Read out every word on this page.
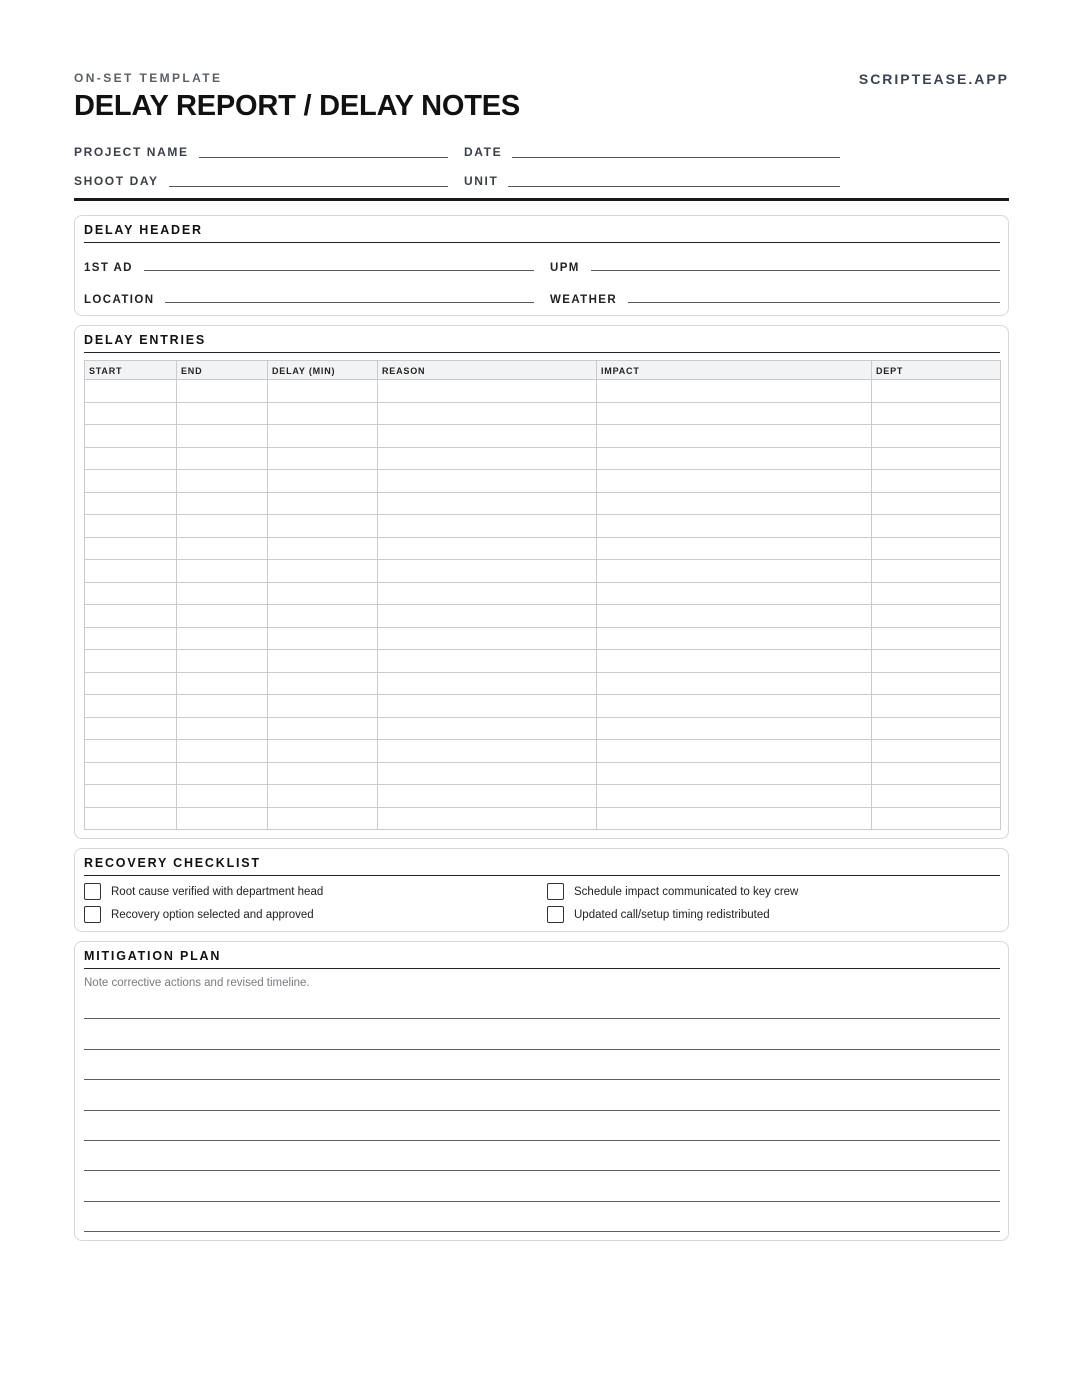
ON-SET TEMPLATE
DELAY REPORT / DELAY NOTES
SCRIPTEASE.APP
PROJECT NAME	DATE
SHOOT DAY	UNIT
DELAY HEADER
1ST AD	UPM
LOCATION	WEATHER
DELAY ENTRIES
START	END	DELAY (MIN)	REASON	IMPACT	DEPT

RECOVERY CHECKLIST
Root cause verified with department head	Schedule impact communicated to key crew
Recovery option selected and approved	Updated call/setup timing redistributed
MITIGATION PLAN
Note corrective actions and revised timeline.
